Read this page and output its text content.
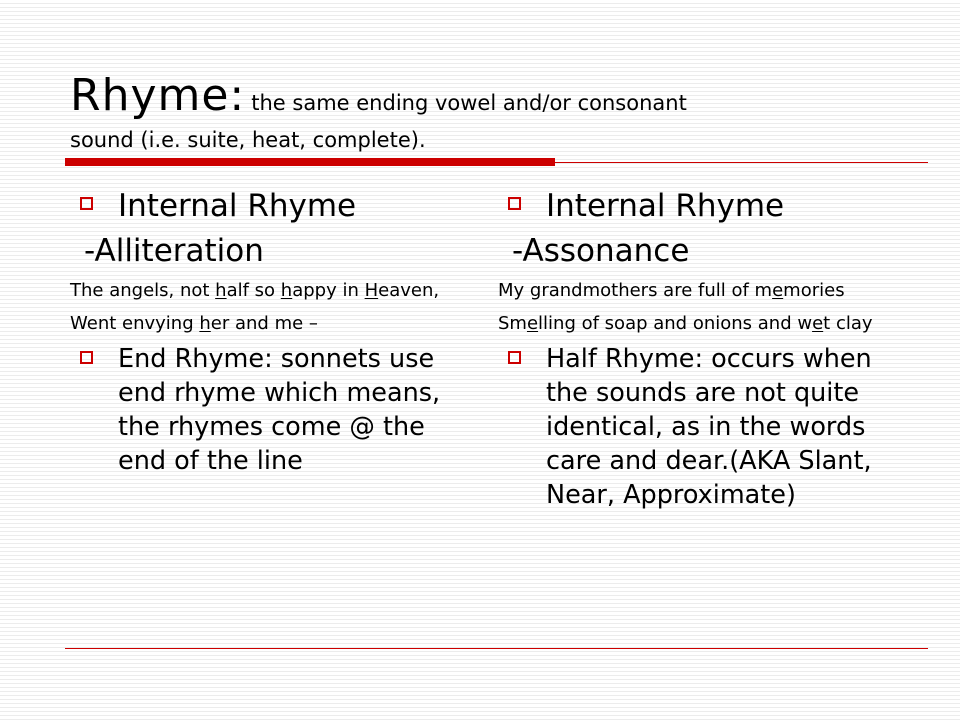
Rhyme: the same ending vowel and/or consonant
sound (i.e. suite, heat, complete).
Internal Rhyme
-Alliteration
The angels, not half so happy in Heaven,
Went envying her and me –
End Rhyme: sonnets use end rhyme which means, the rhymes come @ the end of the line
Internal Rhyme
-Assonance
My grandmothers are full of memories
Smelling of soap and onions and wet clay
Half Rhyme: occurs when the sounds are not quite identical, as in the words care and dear.(AKA Slant, Near, Approximate)
